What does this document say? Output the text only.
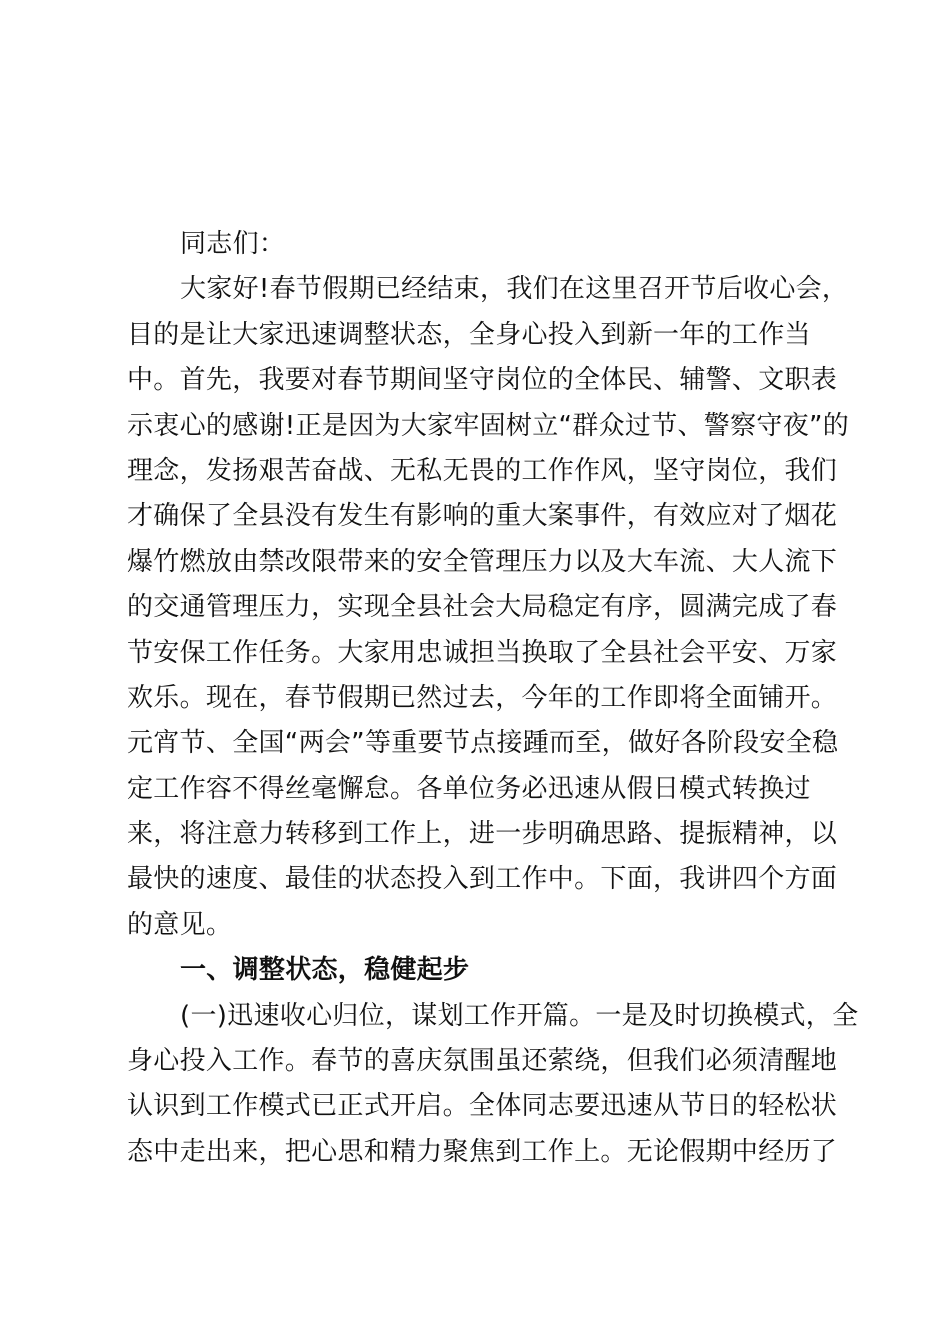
同志们：
大家好!春节假期已经结束，我们在这里召开节后收心会，
目的是让大家迅速调整状态，全身心投入到新一年的工作当
中。首先，我要对春节期间坚守岗位的全体民、辅警、文职表
示衷心的感谢!正是因为大家牢固树立“群众过节、警察守夜”的
理念，发扬艰苦奋战、无私无畏的工作作风，坚守岗位，我们
才确保了全县没有发生有影响的重大案事件，有效应对了烟花
爆竹燃放由禁改限带来的安全管理压力以及大车流、大人流下
的交通管理压力，实现全县社会大局稳定有序，圆满完成了春
节安保工作任务。大家用忠诚担当换取了全县社会平安、万家
欢乐。现在，春节假期已然过去，今年的工作即将全面铺开。
元宵节、全国“两会”等重要节点接踵而至，做好各阶段安全稳
定工作容不得丝毫懈怠。各单位务必迅速从假日模式转换过
来，将注意力转移到工作上，进一步明确思路、提振精神，以
最快的速度、最佳的状态投入到工作中。下面，我讲四个方面
的意见。
一、调整状态，稳健起步
(一)迅速收心归位，谋划工作开篇。一是及时切换模式，全
身心投入工作。春节的喜庆氛围虽还萦绕，但我们必须清醒地
认识到工作模式已正式开启。全体同志要迅速从节日的轻松状
态中走出来，把心思和精力聚焦到工作上。无论假期中经历了
